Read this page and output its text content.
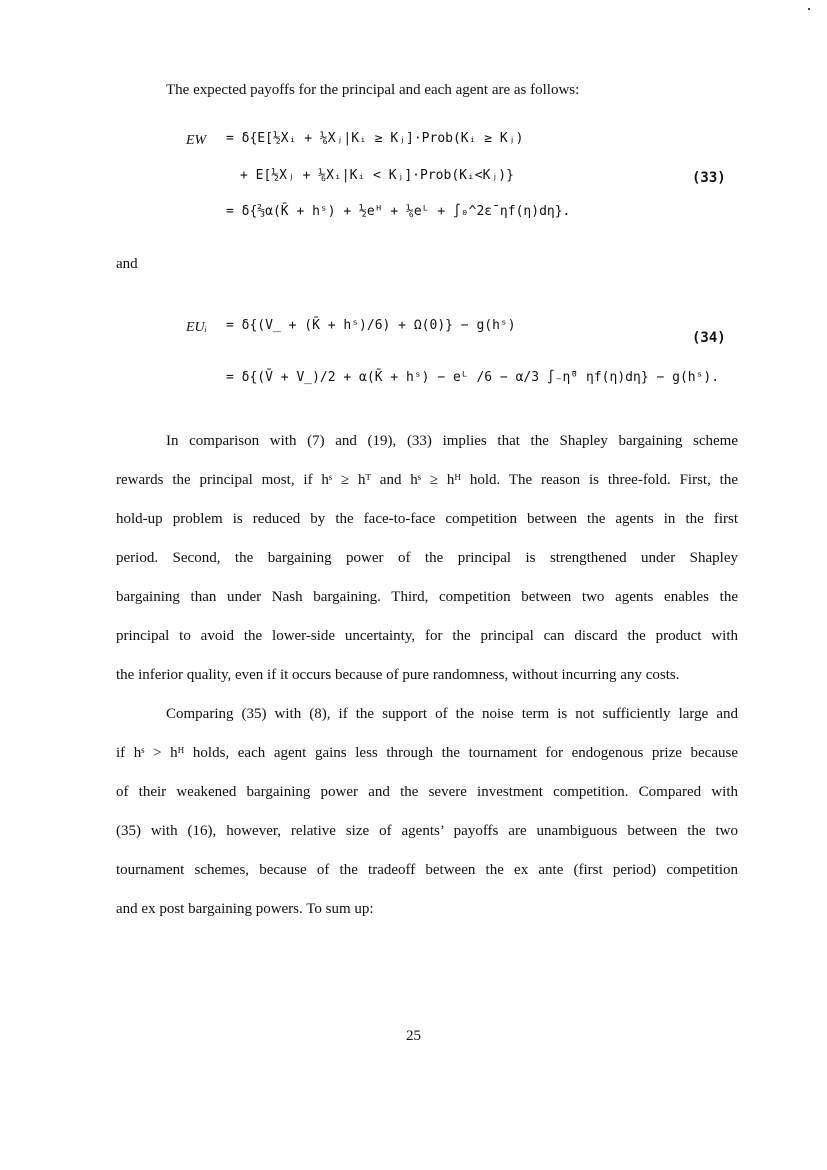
The expected payoffs for the principal and each agent are as follows:
EW = δ{E[½Xᵢ + ⅙Xⱼ|Kᵢ ≥ Kⱼ]·Prob(Kᵢ ≥ Kⱼ)
+ E[½Xⱼ + ⅙Xᵢ|Kᵢ < Kⱼ]·Prob(Kᵢ<Kⱼ)}
= δ{⅔α(K̄ + hˢ) + ½eᴴ + ⅙eᴸ + ∫₀^2ε̄ ηf(η)dη}.
(33)
and
EUᵢ = δ{(V̲ + (K̄ + hˢ)/6) + Ω(0)} − g(hˢ)
= δ{(V̄ + V̲)/2 + α(K̄ + hˢ) − eᴸ /6 − α/3 ∫₋η̄⁰ ηf(η)dη} − g(hˢ).
(34)
In comparison with (7) and (19), (33) implies that the Shapley bargaining scheme
rewards the principal most, if hˢ ≥ hᵀ and hˢ ≥ hᴴ hold. The reason is three-fold. First, the
hold-up problem is reduced by the face-to-face competition between the agents in the first
period. Second, the bargaining power of the principal is strengthened under Shapley
bargaining than under Nash bargaining. Third, competition between two agents enables the
principal to avoid the lower-side uncertainty, for the principal can discard the product with
the inferior quality, even if it occurs because of pure randomness, without incurring any costs.
Comparing (35) with (8), if the support of the noise term is not sufficiently large and
if hˢ > hᴴ holds, each agent gains less through the tournament for endogenous prize because
of their weakened bargaining power and the severe investment competition. Compared with
(35) with (16), however, relative size of agents’ payoffs are unambiguous between the two
tournament schemes, because of the tradeoff between the ex ante (first period) competition
and ex post bargaining powers. To sum up:
25
